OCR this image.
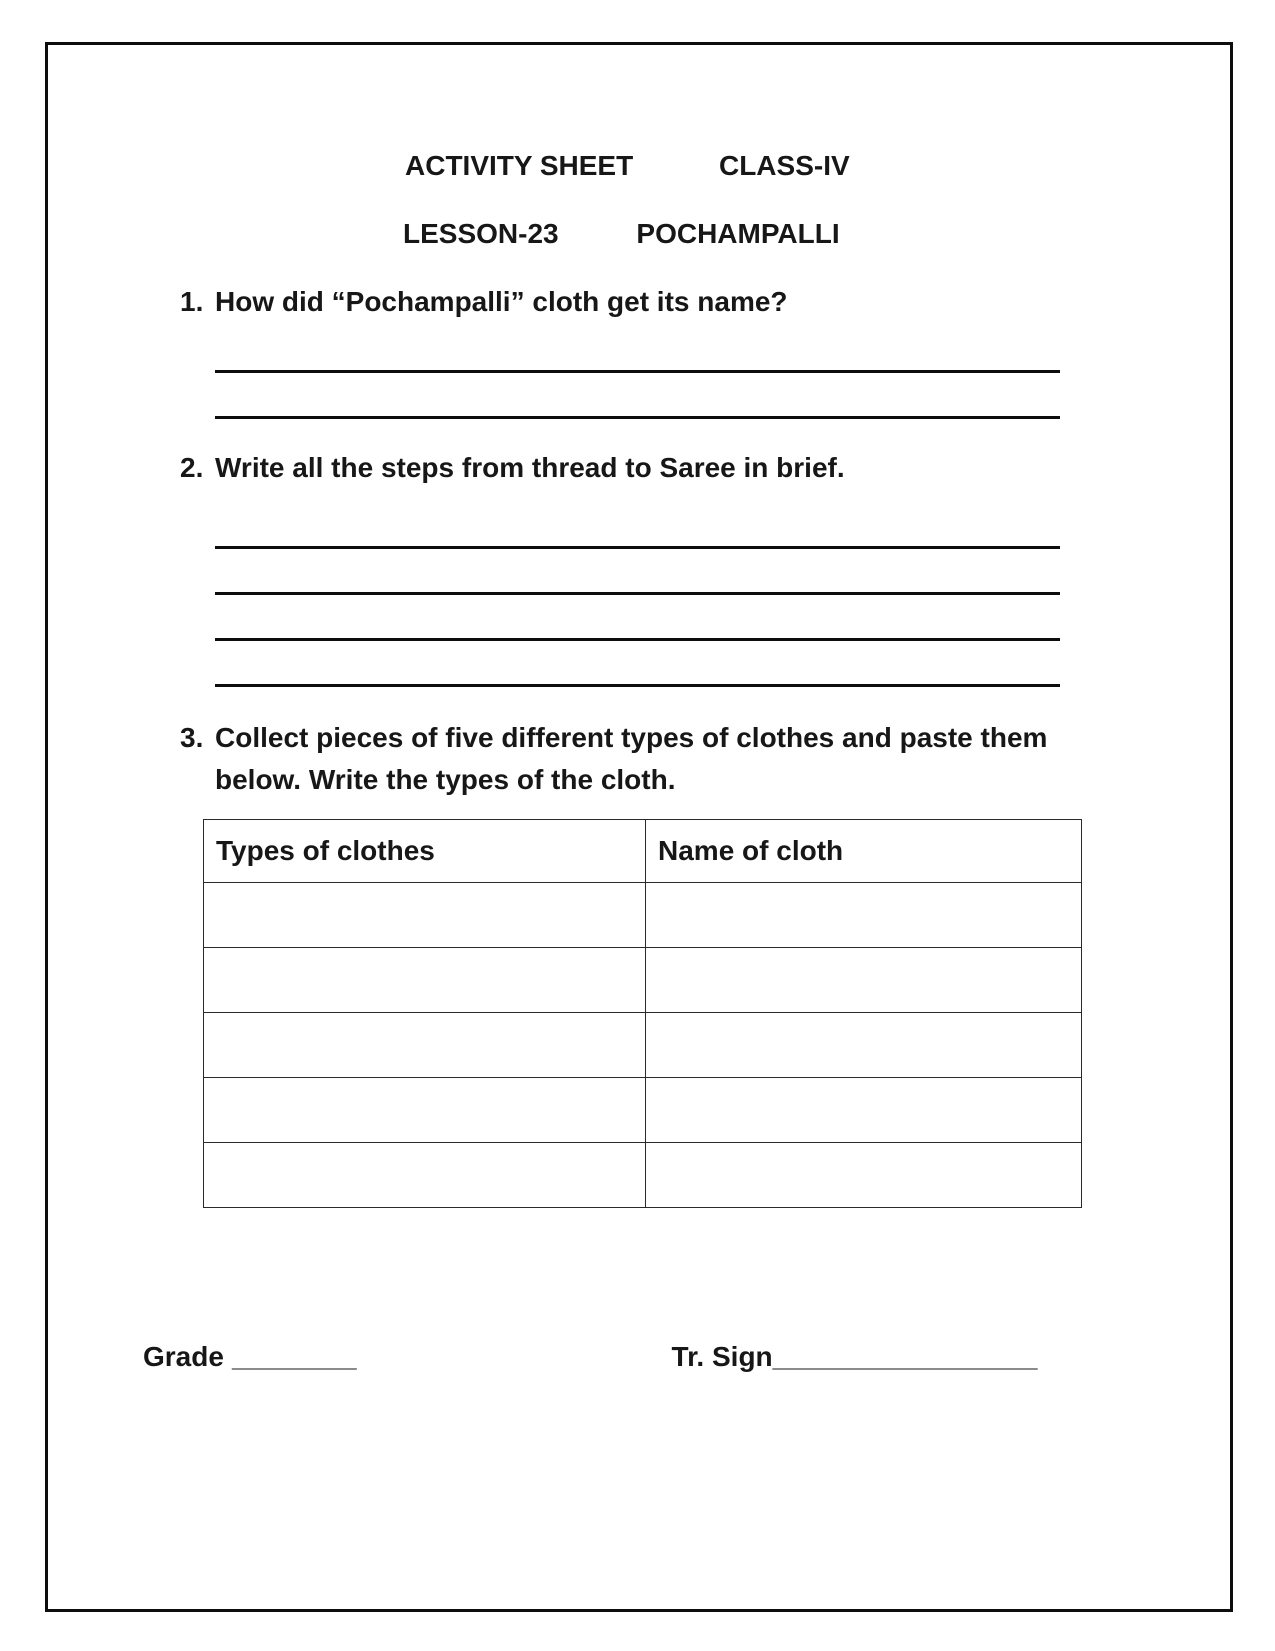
ACTIVITY SHEET	CLASS-IV
LESSON-23	POCHAMPALLI
1. How did “Pochampalli” cloth get its name?
2. Write all the steps from thread to Saree in brief.
3. Collect pieces of five different types of clothes and paste them
below. Write the types of the cloth.
Types of clothes	Name of cloth

Grade ________	Tr. Sign_________________
